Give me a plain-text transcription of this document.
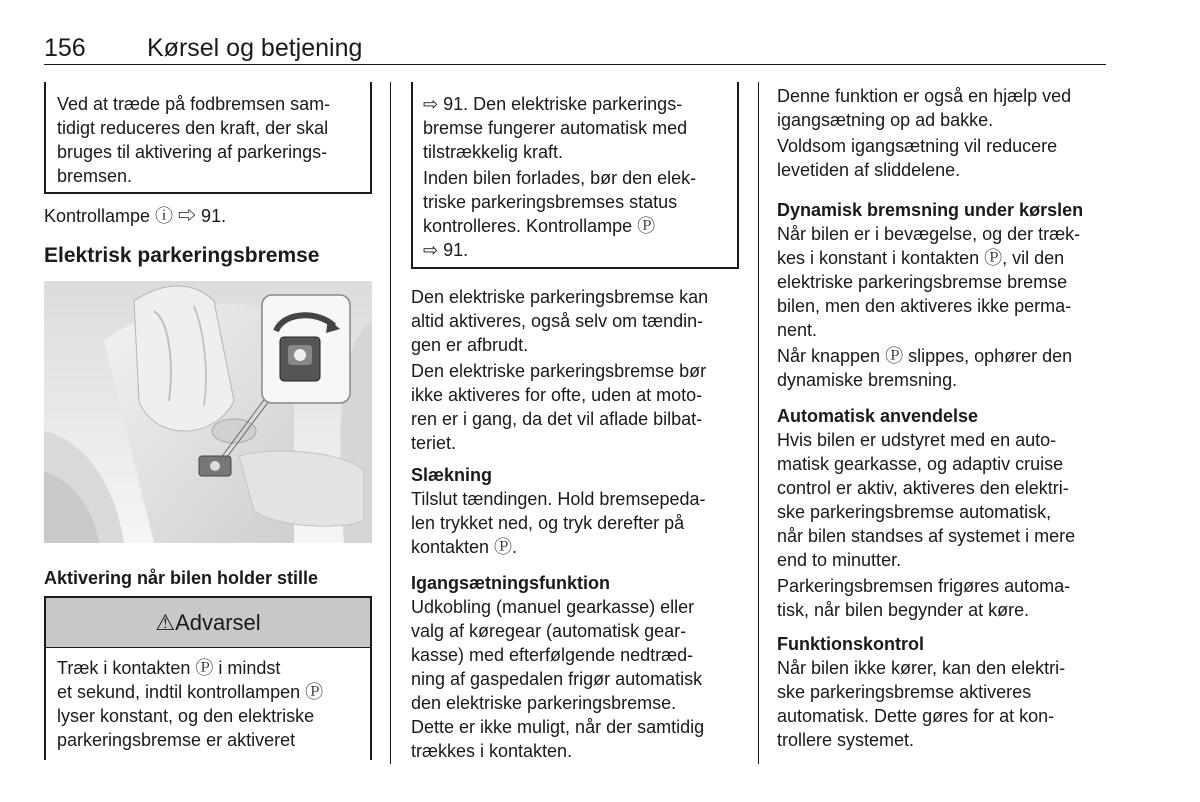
156 Kørsel og betjening

Ved at træde på fodbremsen sam-

tidigt reduceres den kraft, der skal

bruges til aktivering af parkerings-

bremsen.

Kontrollampe ⓘ ⇨ 91.

Elektrisk parkeringsbremse

Aktivering når bilen holder stille

⚠Advarsel

Træk i kontakten Ⓟ i mindst

et sekund, indtil kontrollampen Ⓟ

lyser konstant, og den elektriske

parkeringsbremse er aktiveret

⇨ 91. Den elektriske parkerings-

bremse fungerer automatisk med

tilstrækkelig kraft.

Inden bilen forlades, bør den elek-

triske parkeringsbremses status

kontrolleres. Kontrollampe Ⓟ

⇨ 91.

Den elektriske parkeringsbremse kan

altid aktiveres, også selv om tændin-

gen er afbrudt.

Den elektriske parkeringsbremse bør

ikke aktiveres for ofte, uden at moto-

ren er i gang, da det vil aflade bilbat-

teriet.

Slækning

Tilslut tændingen. Hold bremsepeda-

len trykket ned, og tryk derefter på

kontakten Ⓟ.

Igangsætningsfunktion

Udkobling (manuel gearkasse) eller

valg af køregear (automatisk gear-

kasse) med efterfølgende nedtræd-

ning af gaspedalen frigør automatisk

den elektriske parkeringsbremse.

Dette er ikke muligt, når der samtidig

trækkes i kontakten.

Denne funktion er også en hjælp ved

igangsætning op ad bakke.

Voldsom igangsætning vil reducere

levetiden af sliddelene.

Dynamisk bremsning under kørslen

Når bilen er i bevægelse, og der træk-

kes i konstant i kontakten Ⓟ, vil den

elektriske parkeringsbremse bremse

bilen, men den aktiveres ikke perma-

nent.

Når knappen Ⓟ slippes, ophører den

dynamiske bremsning.

Automatisk anvendelse

Hvis bilen er udstyret med en auto-

matisk gearkasse, og adaptiv cruise

control er aktiv, aktiveres den elektri-

ske parkeringsbremse automatisk,

når bilen standses af systemet i mere

end to minutter.

Parkeringsbremsen frigøres automa-

tisk, når bilen begynder at køre.

Funktionskontrol

Når bilen ikke kører, kan den elektri-

ske parkeringsbremse aktiveres

automatisk. Dette gøres for at kon-

trollere systemet.
